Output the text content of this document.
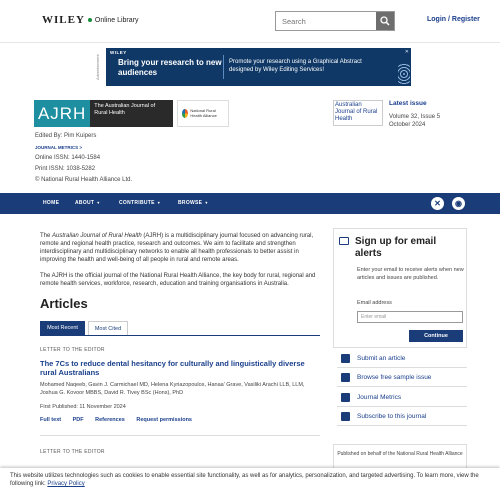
WILEY Online Library
Search	Login / Register
Advertisement
WILEY
Bring your research to new audiences
Promote your research using a Graphical Abstract designed by Wiley Editing Services!
✕
AJRH	The Australian Journal of Rural Health	National Rural Health Alliance
Edited By: Pim Kuipers
JOURNAL METRICS >
Online ISSN: 1440-1584
Print ISSN: 1038-5282
© National Rural Health Alliance Ltd.
Australian Journal of Rural Health
Latest issue
Volume 32, Issue 5
October 2024
HOME	ABOUT ▾	CONTRIBUTE ▾	BROWSE ▾	✕	◉
The Australian Journal of Rural Health (AJRH) is a multidisciplinary journal focused on advancing rural, remote and regional health practice, research and outcomes. We aim to facilitate and strengthen interdisciplinary and multidisciplinary networks to enable all health professionals to better assist in improving the health and well-being of all people in rural and remote areas.
The AJRH is the official journal of the National Rural Health Alliance, the key body for rural, regional and remote health services, workforce, research, education and training organisations in Australia.
Articles
Most Recent	Most Cited
LETTER TO THE EDITOR
The 7Cs to reduce dental hesitancy for culturally and linguistically diverse rural Australians
Mohamed Naqeeb, Gavin J. Carmichael MD, Helena Kyriazopoulos, Hanaa’ Grave, Vasiliki Arachi LLB, LLM, Joshua G. Kovoor MBBS, David R. Tivey BSc (Hons), PhD
First Published: 11 November 2024
Full text PDF References Request permissions
LETTER TO THE EDITOR
Sign up for email alerts
Enter your email to receive alerts when new articles and issues are published.
Email address
Enter email
Continue
Submit an article
Browse free sample issue
Journal Metrics
Subscribe to this journal
Published on behalf of the National Rural Health Alliance
This website utilizes technologies such as cookies to enable essential site functionality, as well as for analytics, personalization, and targeted advertising. To learn more, view the following link: Privacy Policy
